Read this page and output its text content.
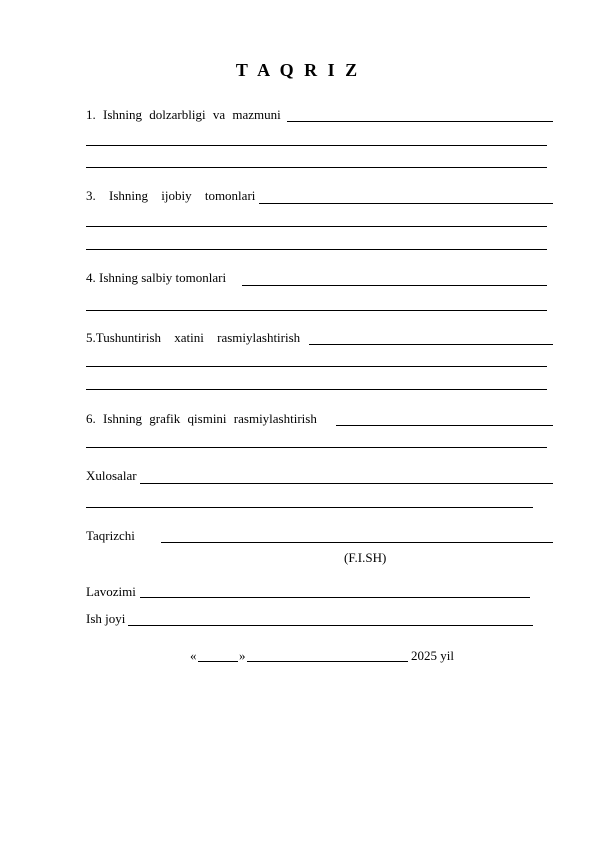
T A Q R I Z
1. Ishning dolzarbligi va mazmuni
3. Ishning ijobiy tomonlari
4. Ishning salbiy tomonlari
5.Tushuntirish xatini rasmiylashtirish
6. Ishning grafik qismini rasmiylashtirish
Xulosalar
Taqrizchi
(F.I.SH)
Lavozimi
Ish joyi
«	»	2025 yil
